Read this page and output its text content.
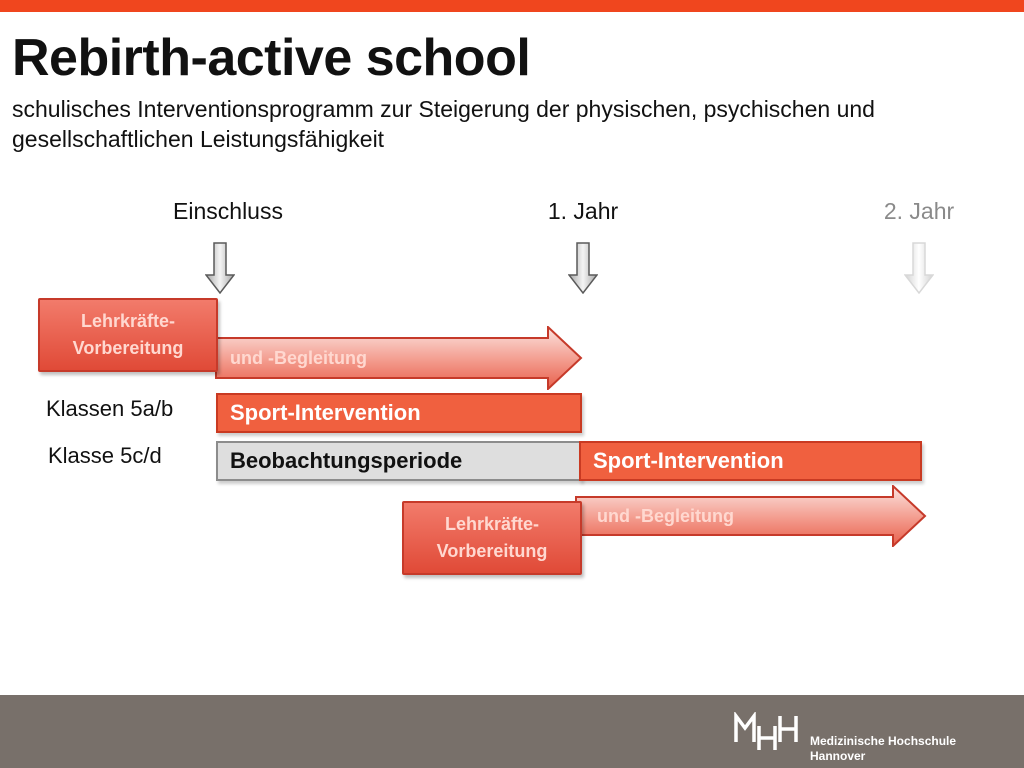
Rebirth-active school
schulisches Interventionsprogramm zur Steigerung der physischen, psychischen und gesellschaftlichen Leistungsfähigkeit
Einschluss	1. Jahr	2. Jahr
und -Begleitung
Lehrkräfte-
Vorbereitung
Klassen 5a/b
Klasse 5c/d
Sport-Intervention
Beobachtungsperiode	Sport-Intervention
und -Begleitung
Lehrkräfte-
Vorbereitung
Medizinische Hochschule
Hannover
